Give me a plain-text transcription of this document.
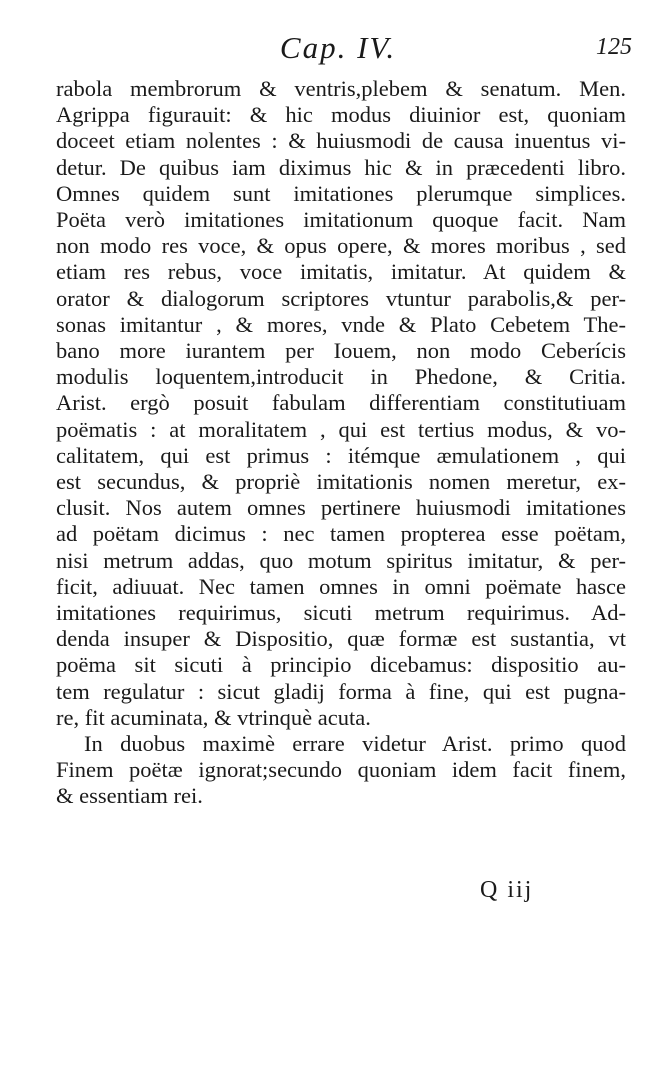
Cap. IV.	125

rabola membrorum & ventris,plebem & senatum. Men.
Agrippa figurauit: & hic modus diuinior est, quoniam
doceet etiam nolentes : & huiusmodi de causa inuentus vi-
detur. De quibus iam diximus hic & in præcedenti libro.
Omnes quidem sunt imitationes plerumque simplices.
Poëta verò imitationes imitationum quoque facit. Nam
non modo res voce, & opus opere, & mores moribus , sed
etiam res rebus, voce imitatis, imitatur. At quidem &
orator & dialogorum scriptores vtuntur parabolis,& per-
sonas imitantur , & mores, vnde & Plato Cebetem The-
bano more iurantem per Iouem, non modo Ceberícis
modulis loquentem,introducit in Phedone, & Critia.
Arist. ergò posuit fabulam differentiam constitutiuam
poëmatis : at moralitatem , qui est tertius modus, & vo-
calitatem, qui est primus : itémque æmulationem , qui
est secundus, & propriè imitationis nomen meretur, ex-
clusit. Nos autem omnes pertinere huiusmodi imitationes
ad poëtam dicimus : nec tamen propterea esse poëtam,
nisi metrum addas, quo motum spiritus imitatur, & per-
ficit, adiuuat. Nec tamen omnes in omni poëmate hasce
imitationes requirimus, sicuti metrum requirimus. Ad-
denda insuper & Dispositio, quæ formæ est sustantia, vt
poëma sit sicuti à principio dicebamus: dispositio au-
tem regulatur : sicut gladij forma à fine, qui est pugna-
re, fit acuminata, & vtrinquè acuta.

In duobus maximè errare videtur Arist. primo quod
Finem poëtæ ignorat;secundo quoniam idem facit finem,
& essentiam rei.

Q iij
